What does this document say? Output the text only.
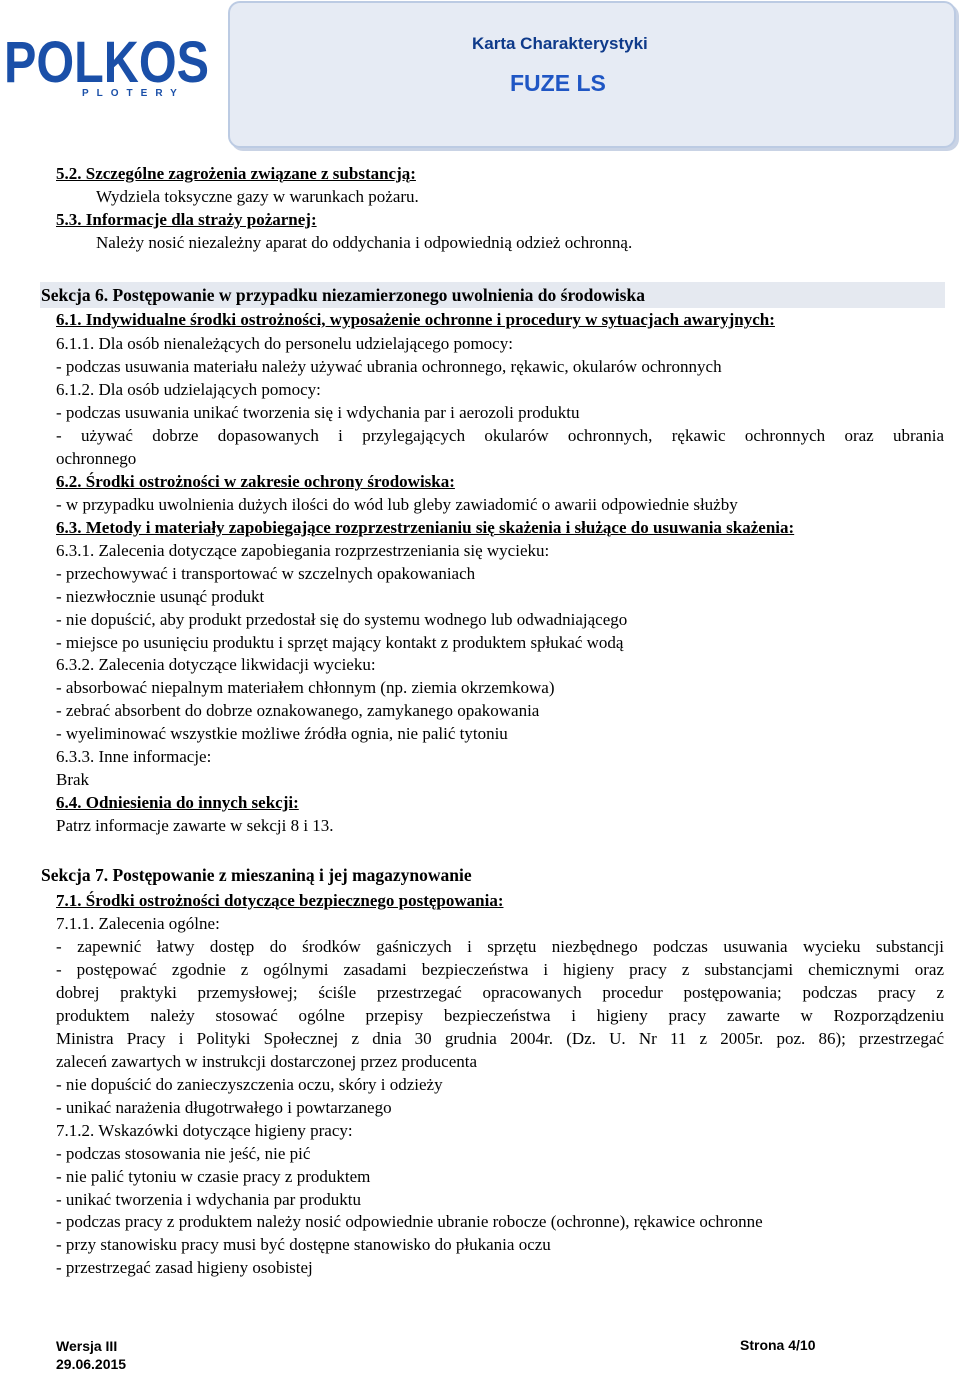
POLKOS
PLOTERY
Karta Charakterystyki
FUZE LS
5.2. Szczególne zagrożenia związane z substancją:
Wydziela toksyczne gazy w warunkach pożaru.
5.3. Informacje dla straży pożarnej:
Należy nosić niezależny aparat do oddychania i odpowiednią odzież ochronną.
Sekcja 6. Postępowanie w przypadku niezamierzonego uwolnienia do środowiska
6.1. Indywidualne środki ostrożności, wyposażenie ochronne i procedury w sytuacjach awaryjnych:
6.1.1. Dla osób nienależących do personelu udzielającego pomocy:
- podczas usuwania materiału należy używać ubrania ochronnego, rękawic, okularów ochronnych
6.1.2. Dla osób udzielających pomocy:
- podczas usuwania unikać tworzenia się i wdychania par i aerozoli produktu
- używać dobrze dopasowanych i przylegających okularów ochronnych, rękawic ochronnych oraz ubrania
ochronnego
6.2. Środki ostrożności w zakresie ochrony środowiska:
- w przypadku uwolnienia dużych ilości do wód lub gleby zawiadomić o awarii odpowiednie służby
6.3. Metody i materiały zapobiegające rozprzestrzenianiu się skażenia i służące do usuwania skażenia:
6.3.1. Zalecenia dotyczące zapobiegania rozprzestrzeniania się wycieku:
- przechowywać i transportować w szczelnych opakowaniach
- niezwłocznie usunąć produkt
- nie dopuścić, aby produkt przedostał się do systemu wodnego lub odwadniającego
- miejsce po usunięciu produktu i sprzęt mający kontakt z produktem spłukać wodą
6.3.2. Zalecenia dotyczące likwidacji wycieku:
- absorbować niepalnym materiałem chłonnym (np. ziemia okrzemkowa)
- zebrać absorbent do dobrze oznakowanego, zamykanego opakowania
- wyeliminować wszystkie możliwe źródła ognia, nie palić tytoniu
6.3.3. Inne informacje:
Brak
6.4. Odniesienia do innych sekcji:
Patrz informacje zawarte w sekcji 8 i 13.
Sekcja 7. Postępowanie z mieszaniną i jej magazynowanie
7.1. Środki ostrożności dotyczące bezpiecznego postępowania:
7.1.1. Zalecenia ogólne:
- zapewnić łatwy dostęp do środków gaśniczych i sprzętu niezbędnego podczas usuwania wycieku substancji
- postępować zgodnie z ogólnymi zasadami bezpieczeństwa i higieny pracy z substancjami chemicznymi oraz
dobrej praktyki przemysłowej; ściśle przestrzegać opracowanych procedur postępowania; podczas pracy z
produktem należy stosować ogólne przepisy bezpieczeństwa i higieny pracy zawarte w Rozporządzeniu
Ministra Pracy i Polityki Społecznej z dnia 30 grudnia 2004r. (Dz. U. Nr 11 z 2005r. poz. 86); przestrzegać
zaleceń zawartych w instrukcji dostarczonej przez producenta
- nie dopuścić do zanieczyszczenia oczu, skóry i odzieży
- unikać narażenia długotrwałego i powtarzanego
7.1.2. Wskazówki dotyczące higieny pracy:
- podczas stosowania nie jeść, nie pić
- nie palić tytoniu w czasie pracy z produktem
- unikać tworzenia i wdychania par produktu
- podczas pracy z produktem należy nosić odpowiednie ubranie robocze (ochronne), rękawice ochronne
- przy stanowisku pracy musi być dostępne stanowisko do płukania oczu
- przestrzegać zasad higieny osobistej
Wersja III
29.06.2015
Strona 4/10
